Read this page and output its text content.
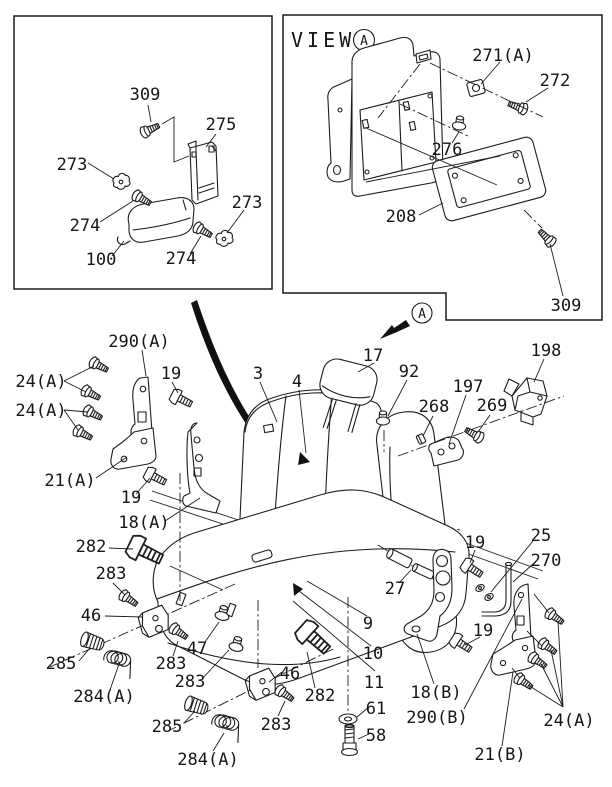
309
275
273
274
100	274
273
VIEW A
271(A)
272
276
208
309
A
290(A)
24(A)
24(A)
21(A)
19
19
18(A)
3 4
17
92
268
197
269
198
27
9
10
11
282
283
46
285
284(A)
283
47
283
285
284(A)
46
282
283
61
58
19	25
270
19
18(B)
290(B)	24(A)
21(B)
